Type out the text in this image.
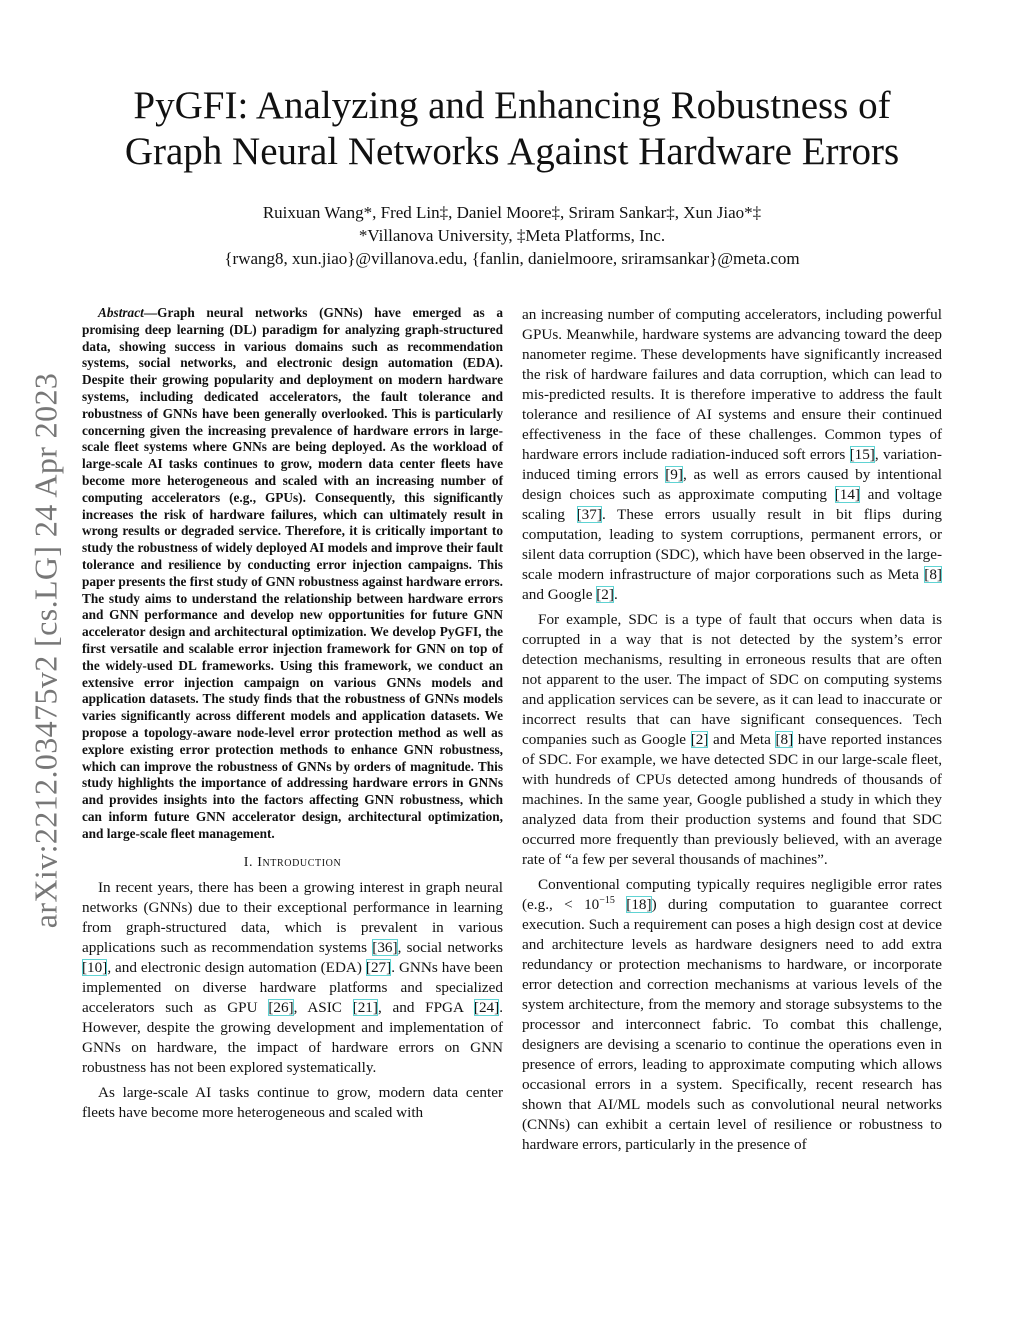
arXiv:2212.03475v2 [cs.LG] 24 Apr 2023
PyGFI: Analyzing and Enhancing Robustness of
Graph Neural Networks Against Hardware Errors
Ruixuan Wang*, Fred Lin‡, Daniel Moore‡, Sriram Sankar‡, Xun Jiao*‡
*Villanova University, ‡Meta Platforms, Inc.
{rwang8, xun.jiao}@villanova.edu, {fanlin, danielmoore, sriramsankar}@meta.com

Abstract—Graph neural networks (GNNs) have emerged as a promising deep learning (DL) paradigm for analyzing graph-structured data, showing success in various domains such as recommendation systems, social networks, and electronic design automation (EDA). Despite their growing popularity and deployment on modern hardware systems, including dedicated accelerators, the fault tolerance and robustness of GNNs have been generally overlooked. This is particularly concerning given the increasing prevalence of hardware errors in large-scale fleet systems where GNNs are being deployed. As the workload of large-scale AI tasks continues to grow, modern data center fleets have become more heterogeneous and scaled with an increasing number of computing accelerators (e.g., GPUs). Consequently, this significantly increases the risk of hardware failures, which can ultimately result in wrong results or degraded service. Therefore, it is critically important to study the robustness of widely deployed AI models and improve their fault tolerance and resilience by conducting error injection campaigns. This paper presents the first study of GNN robustness against hardware errors. The study aims to understand the relationship between hardware errors and GNN performance and develop new opportunities for future GNN accelerator design and architectural optimization. We develop PyGFI, the first versatile and scalable error injection framework for GNN on top of the widely-used DL frameworks. Using this framework, we conduct an extensive error injection campaign on various GNNs models and application datasets. The study finds that the robustness of GNNs models varies significantly across different models and application datasets. We propose a topology-aware node-level error protection method as well as explore existing error protection methods to enhance GNN robustness, which can improve the robustness of GNNs by orders of magnitude. This study highlights the importance of addressing hardware errors in GNNs and provides insights into the factors affecting GNN robustness, which can inform future GNN accelerator design, architectural optimization, and large-scale fleet management.

I. Introduction

In recent years, there has been a growing interest in graph neural networks (GNNs) due to their exceptional performance in learning from graph-structured data, which is prevalent in various applications such as recommendation systems [36], social networks [10], and electronic design automation (EDA) [27]. GNNs have been implemented on diverse hardware platforms and specialized accelerators such as GPU [26], ASIC [21], and FPGA [24]. However, despite the growing development and implementation of GNNs on hardware, the impact of hardware errors on GNN robustness has not been explored systematically.

As large-scale AI tasks continue to grow, modern data center fleets have become more heterogeneous and scaled with

an increasing number of computing accelerators, including powerful GPUs. Meanwhile, hardware systems are advancing toward the deep nanometer regime. These developments have significantly increased the risk of hardware failures and data corruption, which can lead to mis-predicted results. It is therefore imperative to address the fault tolerance and resilience of AI systems and ensure their continued effectiveness in the face of these challenges. Common types of hardware errors include radiation-induced soft errors [15], variation-induced timing errors [9], as well as errors caused by intentional design choices such as approximate computing [14] and voltage scaling [37]. These errors usually result in bit flips during computation, leading to system corruptions, permanent errors, or silent data corruption (SDC), which have been observed in the large-scale modern infrastructure of major corporations such as Meta [8] and Google [2].

For example, SDC is a type of fault that occurs when data is corrupted in a way that is not detected by the system’s error detection mechanisms, resulting in erroneous results that are often not apparent to the user. The impact of SDC on computing systems and application services can be severe, as it can lead to inaccurate or incorrect results that can have significant consequences. Tech companies such as Google [2] and Meta [8] have reported instances of SDC. For example, we have detected SDC in our large-scale fleet, with hundreds of CPUs detected among hundreds of thousands of machines. In the same year, Google published a study in which they analyzed data from their production systems and found that SDC occurred more frequently than previously believed, with an average rate of “a few per several thousands of machines”.

Conventional computing typically requires negligible error rates (e.g., < $10^{-15}$ [18]) during computation to guarantee correct execution. Such a requirement can poses a high design cost at device and architecture levels as hardware designers need to add extra redundancy or protection mechanisms to hardware, or incorporate error detection and correction mechanisms at various levels of the system architecture, from the memory and storage subsystems to the processor and interconnect fabric. To combat this challenge, designers are devising a scenario to continue the operations even in presence of errors, leading to approximate computing which allows occasional errors in a system. Specifically, recent research has shown that AI/ML models such as convolutional neural networks (CNNs) can exhibit a certain level of resilience or robustness to hardware errors, particularly in the presence of
